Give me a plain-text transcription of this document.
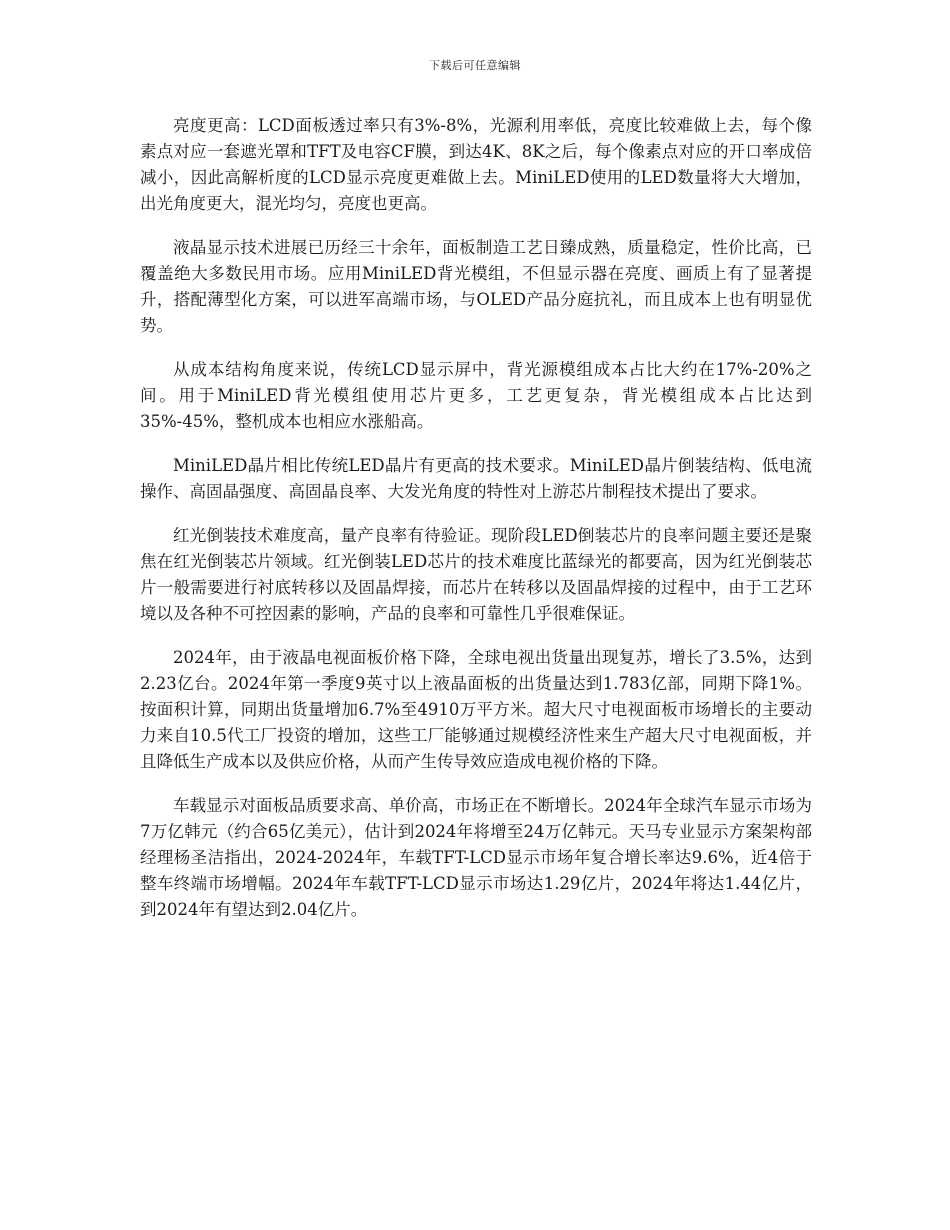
下载后可任意编辑

亮度更高：LCD面板透过率只有3%-8%，光源利用率低，亮度比较难做上去，每个像素点对应一套遮光罩和TFT及电容CF膜，到达4K、8K之后，每个像素点对应的开口率成倍减小，因此高解析度的LCD显示亮度更难做上去。MiniLED使用的LED数量将大大增加，出光角度更大，混光均匀，亮度也更高。

液晶显示技术进展已历经三十余年，面板制造工艺日臻成熟，质量稳定，性价比高，已覆盖绝大多数民用市场。应用MiniLED背光模组，不但显示器在亮度、画质上有了显著提升，搭配薄型化方案，可以进军高端市场，与OLED产品分庭抗礼，而且成本上也有明显优势。

从成本结构角度来说，传统LCD显示屏中，背光源模组成本占比大约在17%-20%之间。用于MiniLED背光模组使用芯片更多，工艺更复杂，背光模组成本占比达到35%-45%，整机成本也相应水涨船高。

MiniLED晶片相比传统LED晶片有更高的技术要求。MiniLED晶片倒装结构、低电流操作、高固晶强度、高固晶良率、大发光角度的特性对上游芯片制程技术提出了要求。

红光倒装技术难度高，量产良率有待验证。现阶段LED倒装芯片的良率问题主要还是聚焦在红光倒装芯片领域。红光倒装LED芯片的技术难度比蓝绿光的都要高，因为红光倒装芯片一般需要进行衬底转移以及固晶焊接，而芯片在转移以及固晶焊接的过程中，由于工艺环境以及各种不可控因素的影响，产品的良率和可靠性几乎很难保证。

2024年，由于液晶电视面板价格下降，全球电视出货量出现复苏，增长了3.5%，达到2.23亿台。2024年第一季度9英寸以上液晶面板的出货量达到1.783亿部，同期下降1%。按面积计算，同期出货量增加6.7%至4910万平方米。超大尺寸电视面板市场增长的主要动力来自10.5代工厂投资的增加，这些工厂能够通过规模经济性来生产超大尺寸电视面板，并且降低生产成本以及供应价格，从而产生传导效应造成电视价格的下降。

车载显示对面板品质要求高、单价高，市场正在不断增长。2024年全球汽车显示市场为7万亿韩元（约合65亿美元），估计到2024年将增至24万亿韩元。天马专业显示方案架构部经理杨圣洁指出，2024-2024年，车载TFT-LCD显示市场年复合增长率达9.6%，近4倍于整车终端市场增幅。2024年车载TFT-LCD显示市场达1.29亿片，2024年将达1.44亿片，到2024年有望达到2.04亿片。
